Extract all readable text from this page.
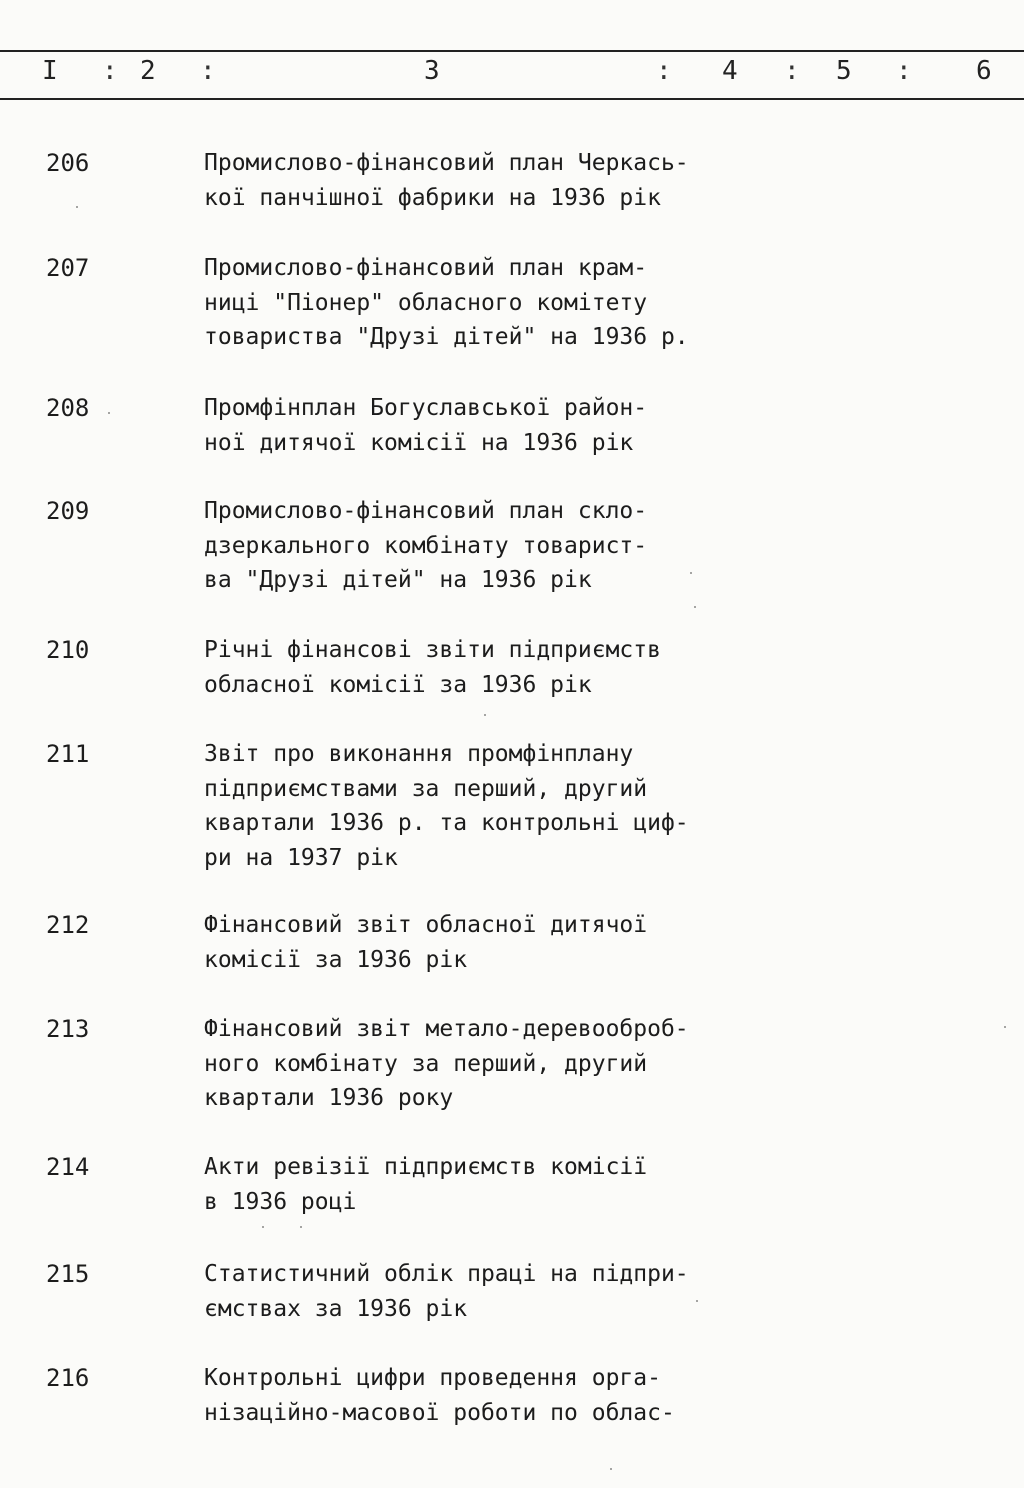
I : 2 :	3	: 4 : 5 : 6
206	Промислово-фінансовий план Черкась-
кої панчішної фабрики на 1936 рік
207	Промислово-фінансовий план крам-
ниці "Піонер" обласного комітету
товариства "Друзі дітей" на 1936 р.
208	Промфінплан Богуславської район-
ної дитячої комісії на 1936 рік
209	Промислово-фінансовий план скло-
дзеркального комбінату товарист-
ва "Друзі дітей" на 1936 рік
210	Річні фінансові звіти підприємств
обласної комісії за 1936 рік
211	Звіт про виконання промфінплану
підприємствами за перший, другий
квартали 1936 р. та контрольні циф-
ри на 1937 рік
212	Фінансовий звіт обласної дитячої
комісії за 1936 рік
213	Фінансовий звіт метало-деревооброб-
ного комбінату за перший, другий
квартали 1936 року
214	Акти ревізії підприємств комісії
в 1936 році
215	Статистичний облік праці на підпри-
ємствах за 1936 рік
216	Контрольні цифри проведення орга-
нізаційно-масової роботи по облас-
